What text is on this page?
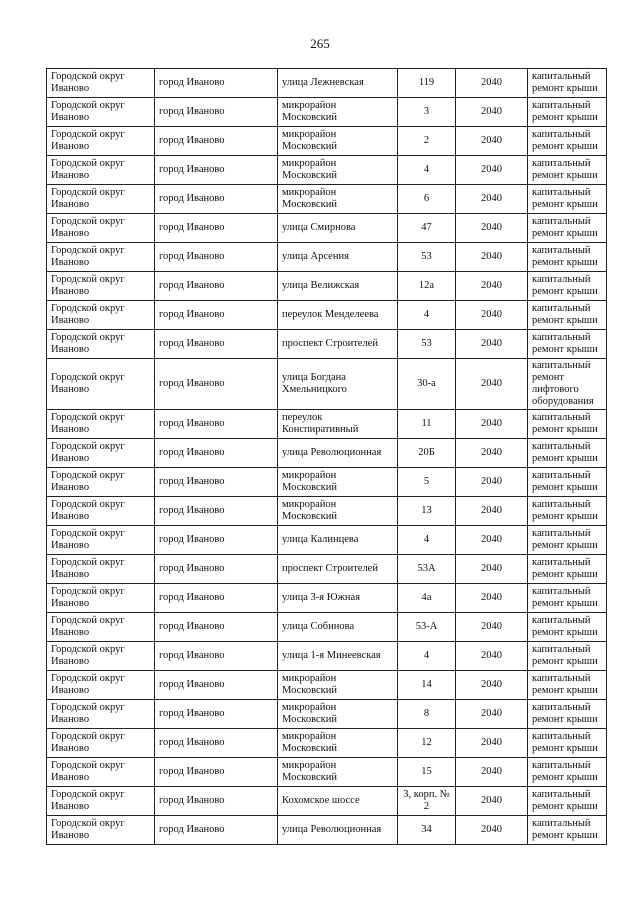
265
Городской округ Иваново	город Иваново	улица Лежневская	119	2040	капитальный ремонт крыши
Городской округ Иваново	город Иваново	микрорайон Московский	3	2040	капитальный ремонт крыши
Городской округ Иваново	город Иваново	микрорайон Московский	2	2040	капитальный ремонт крыши
Городской округ Иваново	город Иваново	микрорайон Московский	4	2040	капитальный ремонт крыши
Городской округ Иваново	город Иваново	микрорайон Московский	6	2040	капитальный ремонт крыши
Городской округ Иваново	город Иваново	улица Смирнова	47	2040	капитальный ремонт крыши
Городской округ Иваново	город Иваново	улица Арсения	53	2040	капитальный ремонт крыши
Городской округ Иваново	город Иваново	улица Велижская	12а	2040	капитальный ремонт крыши
Городской округ Иваново	город Иваново	переулок Менделеева	4	2040	капитальный ремонт крыши
Городской округ Иваново	город Иваново	проспект Строителей	53	2040	капитальный ремонт крыши
Городской округ Иваново	город Иваново	улица Богдана Хмельницкого	30-а	2040	капитальный ремонт лифтового оборудования
Городской округ Иваново	город Иваново	переулок Конспиративный	11	2040	капитальный ремонт крыши
Городской округ Иваново	город Иваново	улица Революционная	20Б	2040	капитальный ремонт крыши
Городской округ Иваново	город Иваново	микрорайон Московский	5	2040	капитальный ремонт крыши
Городской округ Иваново	город Иваново	микрорайон Московский	13	2040	капитальный ремонт крыши
Городской округ Иваново	город Иваново	улица Калинцева	4	2040	капитальный ремонт крыши
Городской округ Иваново	город Иваново	проспект Строителей	53А	2040	капитальный ремонт крыши
Городской округ Иваново	город Иваново	улица 3-я Южная	4а	2040	капитальный ремонт крыши
Городской округ Иваново	город Иваново	улица Собинова	53-А	2040	капитальный ремонт крыши
Городской округ Иваново	город Иваново	улица 1-я Минеевская	4	2040	капитальный ремонт крыши
Городской округ Иваново	город Иваново	микрорайон Московский	14	2040	капитальный ремонт крыши
Городской округ Иваново	город Иваново	микрорайон Московский	8	2040	капитальный ремонт крыши
Городской округ Иваново	город Иваново	микрорайон Московский	12	2040	капитальный ремонт крыши
Городской округ Иваново	город Иваново	микрорайон Московский	15	2040	капитальный ремонт крыши
Городской округ Иваново	город Иваново	Кохомское шоссе	3, корп. № 2	2040	капитальный ремонт крыши
Городской округ Иваново	город Иваново	улица Революционная	34	2040	капитальный ремонт крыши
